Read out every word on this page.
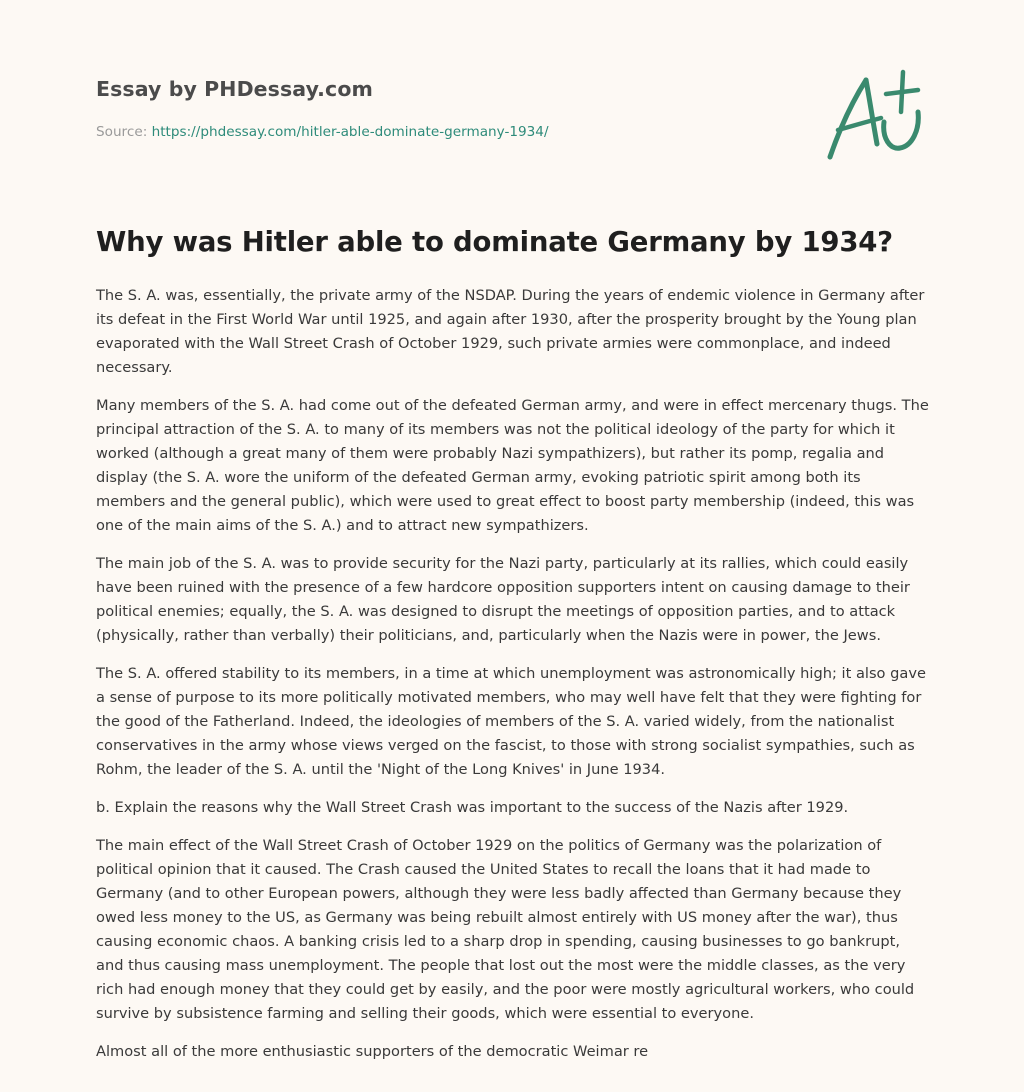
Essay by PHDessay.com

Source: https://phdessay.com/hitler-able-dominate-germany-1934/

Why was Hitler able to dominate Germany by 1934?

The S. A. was, essentially, the private army of the NSDAP. During the years of endemic violence in Germany after its defeat in the First World War until 1925, and again after 1930, after the prosperity brought by the Young plan evaporated with the Wall Street Crash of October 1929, such private armies were commonplace, and indeed necessary.

Many members of the S. A. had come out of the defeated German army, and were in effect mercenary thugs. The principal attraction of the S. A. to many of its members was not the political ideology of the party for which it worked (although a great many of them were probably Nazi sympathizers), but rather its pomp, regalia and display (the S. A. wore the uniform of the defeated German army, evoking patriotic spirit among both its members and the general public), which were used to great effect to boost party membership (indeed, this was one of the main aims of the S. A.) and to attract new sympathizers.

The main job of the S. A. was to provide security for the Nazi party, particularly at its rallies, which could easily have been ruined with the presence of a few hardcore opposition supporters intent on causing damage to their political enemies; equally, the S. A. was designed to disrupt the meetings of opposition parties, and to attack (physically, rather than verbally) their politicians, and, particularly when the Nazis were in power, the Jews.

The S. A. offered stability to its members, in a time at which unemployment was astronomically high; it also gave a sense of purpose to its more politically motivated members, who may well have felt that they were fighting for the good of the Fatherland. Indeed, the ideologies of members of the S. A. varied widely, from the nationalist conservatives in the army whose views verged on the fascist, to those with strong socialist sympathies, such as Rohm, the leader of the S. A. until the 'Night of the Long Knives' in June 1934.

b. Explain the reasons why the Wall Street Crash was important to the success of the Nazis after 1929.

The main effect of the Wall Street Crash of October 1929 on the politics of Germany was the polarization of political opinion that it caused. The Crash caused the United States to recall the loans that it had made to Germany (and to other European powers, although they were less badly affected than Germany because they owed less money to the US, as Germany was being rebuilt almost entirely with US money after the war), thus causing economic chaos. A banking crisis led to a sharp drop in spending, causing businesses to go bankrupt, and thus causing mass unemployment. The people that lost out the most were the middle classes, as the very rich had enough money that they could get by easily, and the poor were mostly agricultural workers, who could survive by subsistence farming and selling their goods, which were essential to everyone.

Almost all of the more enthusiastic supporters of the democratic Weimar re
